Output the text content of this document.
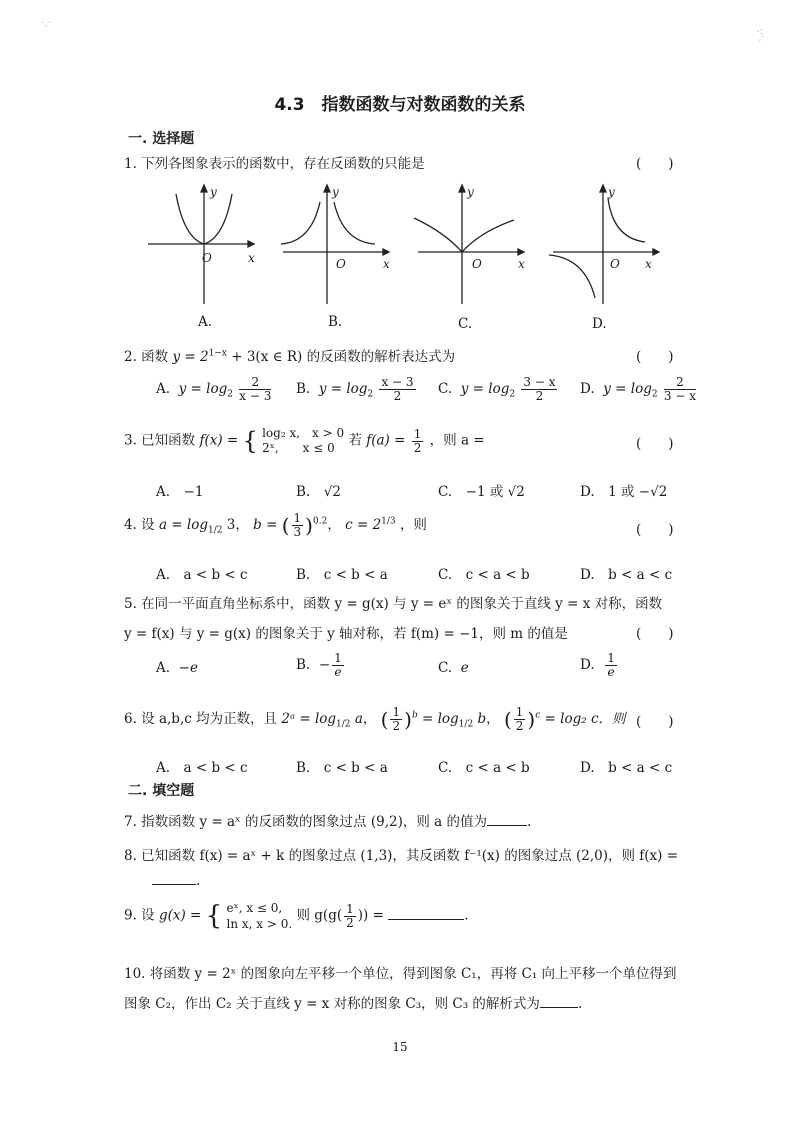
˙‧˙
∵˙‧
4.3　指数函数与对数函数的关系
一. 选择题
1. 下列各图象表示的函数中，存在反函数的只能是	(　　)
y
x
O
y
x
O
y
x
O
y
x
O
A.	B.	C.	D.
2. 函数 $y = 2^{1-x} + 3(x$ ∈ R) 的反函数的解析表达式为	(　　)
A. $y = \log_2 \frac{2}{x - 3} B$. $y = \log_2 \frac{x - 3}{2} C$. $y = \log_2 \frac{3 - x}{2} D$. $y = \log_2 \frac{2}{3 - x}$
3. 已知函数 f(x) = { log₂ x,　x > 0
2ˣ,　　x ≤ 0	若 $f(a) = \frac{1}{2}$ ，则 a =	(　　)
A.　−1	B.　√2	C.　−1 或 √2	D.　1 或 −√2
4. 设 $a = \log_{1/2} 3$， b = ( $\frac{1}{3} )^{0.2}$， $c = 2^{1/3}$ ，则	(　　)
A.　a < b < c	B.　c < b < a	C.　c < a < b	D.　b < a < c
5. 在同一平面直角坐标系中，函数 y = g(x) 与 y = eˣ 的图象关于直线 y = x 对称，函数
y = f(x) 与 y = g(x) 的图象关于 y 轴对称，若 f(m) = −1，则 m 的值是	(　　)
A. −e	B. − $\frac{1}{e}$	C. e	D. $\frac{1}{e}$
6. 设 a,b,c 均为正数，且 2ᵃ = $\log_{1/2} a$， ( $\frac{1}{2} )^b = \log_{1/2} b$， ( $\frac{1}{2} )^c = \log_2$ c．则 (　　)
A.　a < b < c	B.　c < b < a	C.　c < a < b	D.　b < a < c
二. 填空题
7. 指数函数 y = aˣ 的反函数的图象过点 (9,2)，则 a 的值为	.
8. 已知函数 f(x) = aˣ + k 的图象过点 (1,3)，其反函数 f⁻¹(x) 的图象过点 (2,0)，则 f(x) =
.
9. 设 g(x) = { eˣ, x ≤ 0,
ln x, x > 0.
则 $g(g( \frac{1}{2}$ )) =	.
10. 将函数 y = 2ˣ 的图象向左平移一个单位，得到图象 C₁，再将 C₁ 向上平移一个单位得到
图象 C₂，作出 C₂ 关于直线 y = x 对称的图象 C₃，则 C₃ 的解析式为	.
15
